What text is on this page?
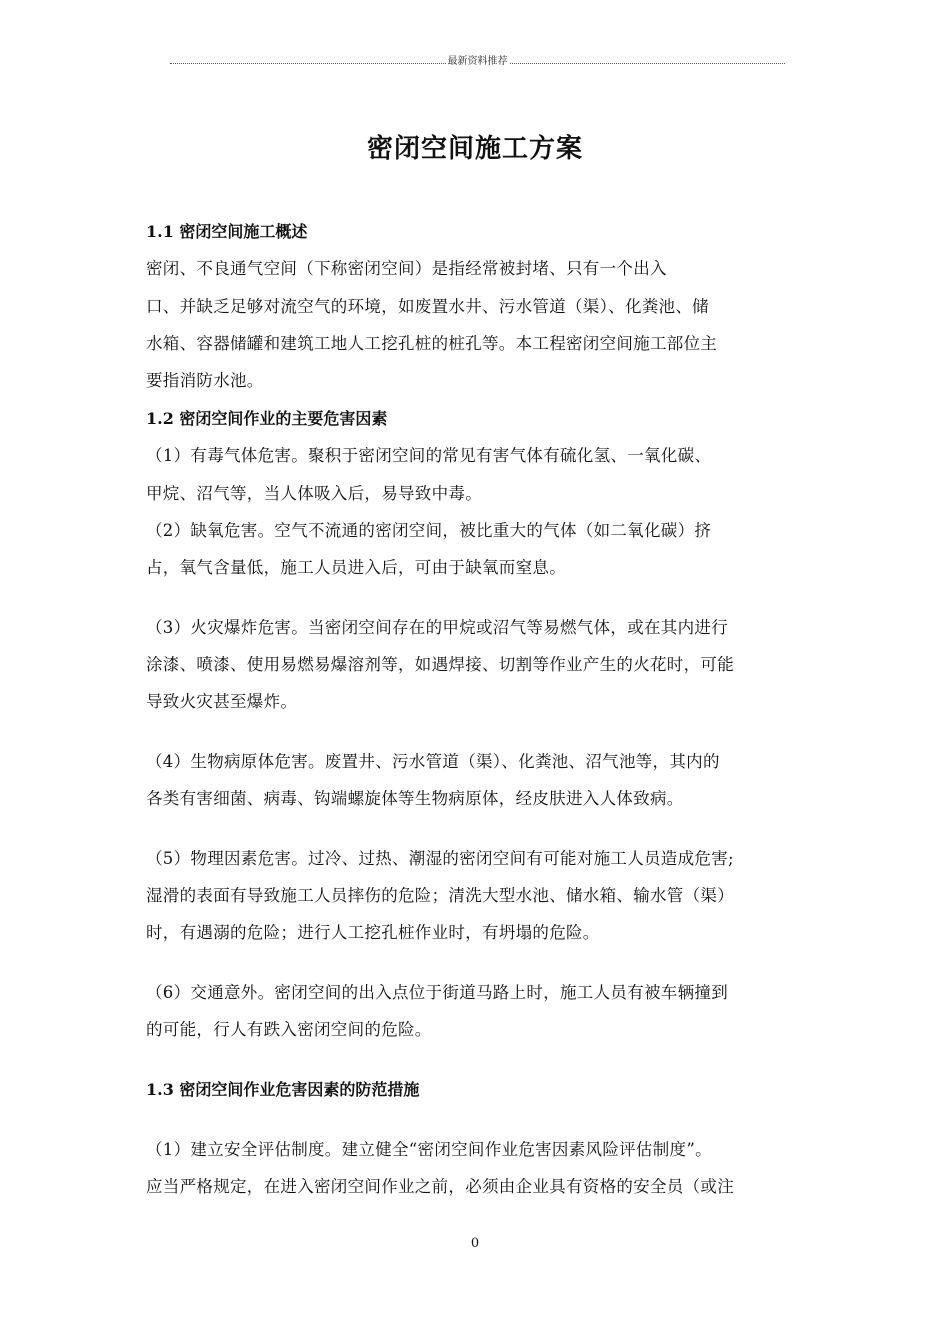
最新资料推荐
密闭空间施工方案

1.1 密闭空间施工概述

密闭、不良通气空间（下称密闭空间）是指经常被封堵、只有一个出入

口、并缺乏足够对流空气的环境，如废置水井、污水管道（渠）、化粪池、储

水箱、容器储罐和建筑工地人工挖孔桩的桩孔等。本工程密闭空间施工部位主

要指消防水池。

1.2 密闭空间作业的主要危害因素

（1）有毒气体危害。聚积于密闭空间的常见有害气体有硫化氢、一氧化碳、

甲烷、沼气等，当人体吸入后，易导致中毒。

（2）缺氧危害。空气不流通的密闭空间，被比重大的气体（如二氧化碳）挤

占，氧气含量低，施工人员进入后，可由于缺氧而窒息。

（3）火灾爆炸危害。当密闭空间存在的甲烷或沼气等易燃气体，或在其内进行

涂漆、喷漆、使用易燃易爆溶剂等，如遇焊接、切割等作业产生的火花时，可能

导致火灾甚至爆炸。

（4）生物病原体危害。废置井、污水管道（渠）、化粪池、沼气池等，其内的

各类有害细菌、病毒、钩端螺旋体等生物病原体，经皮肤进入人体致病。

（5）物理因素危害。过冷、过热、潮湿的密闭空间有可能对施工人员造成危害;

湿滑的表面有导致施工人员摔伤的危险；清洗大型水池、储水箱、输水管（渠）

时，有遇溺的危险；进行人工挖孔桩作业时，有坍塌的危险。

（6）交通意外。密闭空间的出入点位于街道马路上时，施工人员有被车辆撞到

的可能，行人有跌入密闭空间的危险。

1.3 密闭空间作业危害因素的防范措施

（1）建立安全评估制度。建立健全“密闭空间作业危害因素风险评估制度”。

应当严格规定，在进入密闭空间作业之前，必须由企业具有资格的安全员（或注

0
